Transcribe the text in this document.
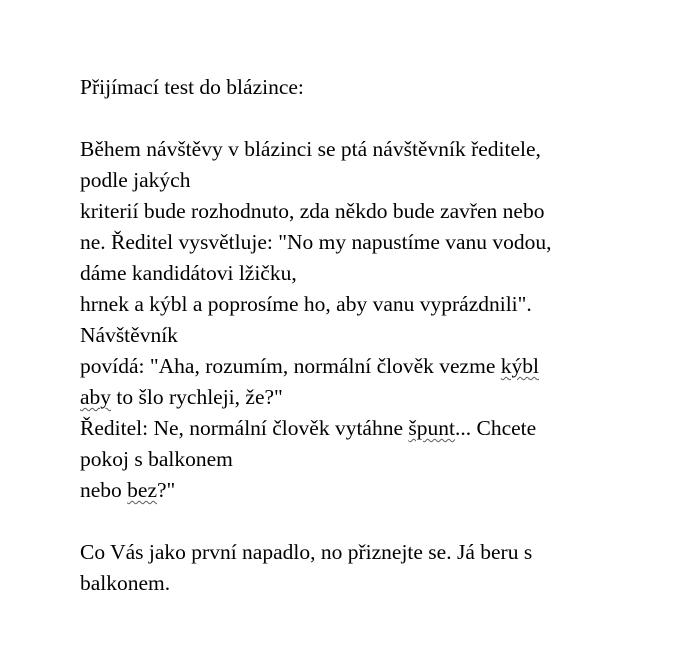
Přijímací test do blázince:
Během návštěvy v blázinci se ptá návštěvník ředitele,
podle jakých
kriterií bude rozhodnuto, zda někdo bude zavřen nebo
ne. Ředitel vysvětluje: "No my napustíme vanu vodou,
dáme kandidátovi lžičku,
hrnek a kýbl a poprosíme ho, aby vanu vyprázdnili".
Návštěvník
povídá: "Aha, rozumím, normální člověk vezme kýbl
aby to šlo rychleji, že?"
Ředitel: Ne, normální člověk vytáhne špunt... Chcete
pokoj s balkonem
nebo bez?"
Co Vás jako první napadlo, no přiznejte se. Já beru s
balkonem.
